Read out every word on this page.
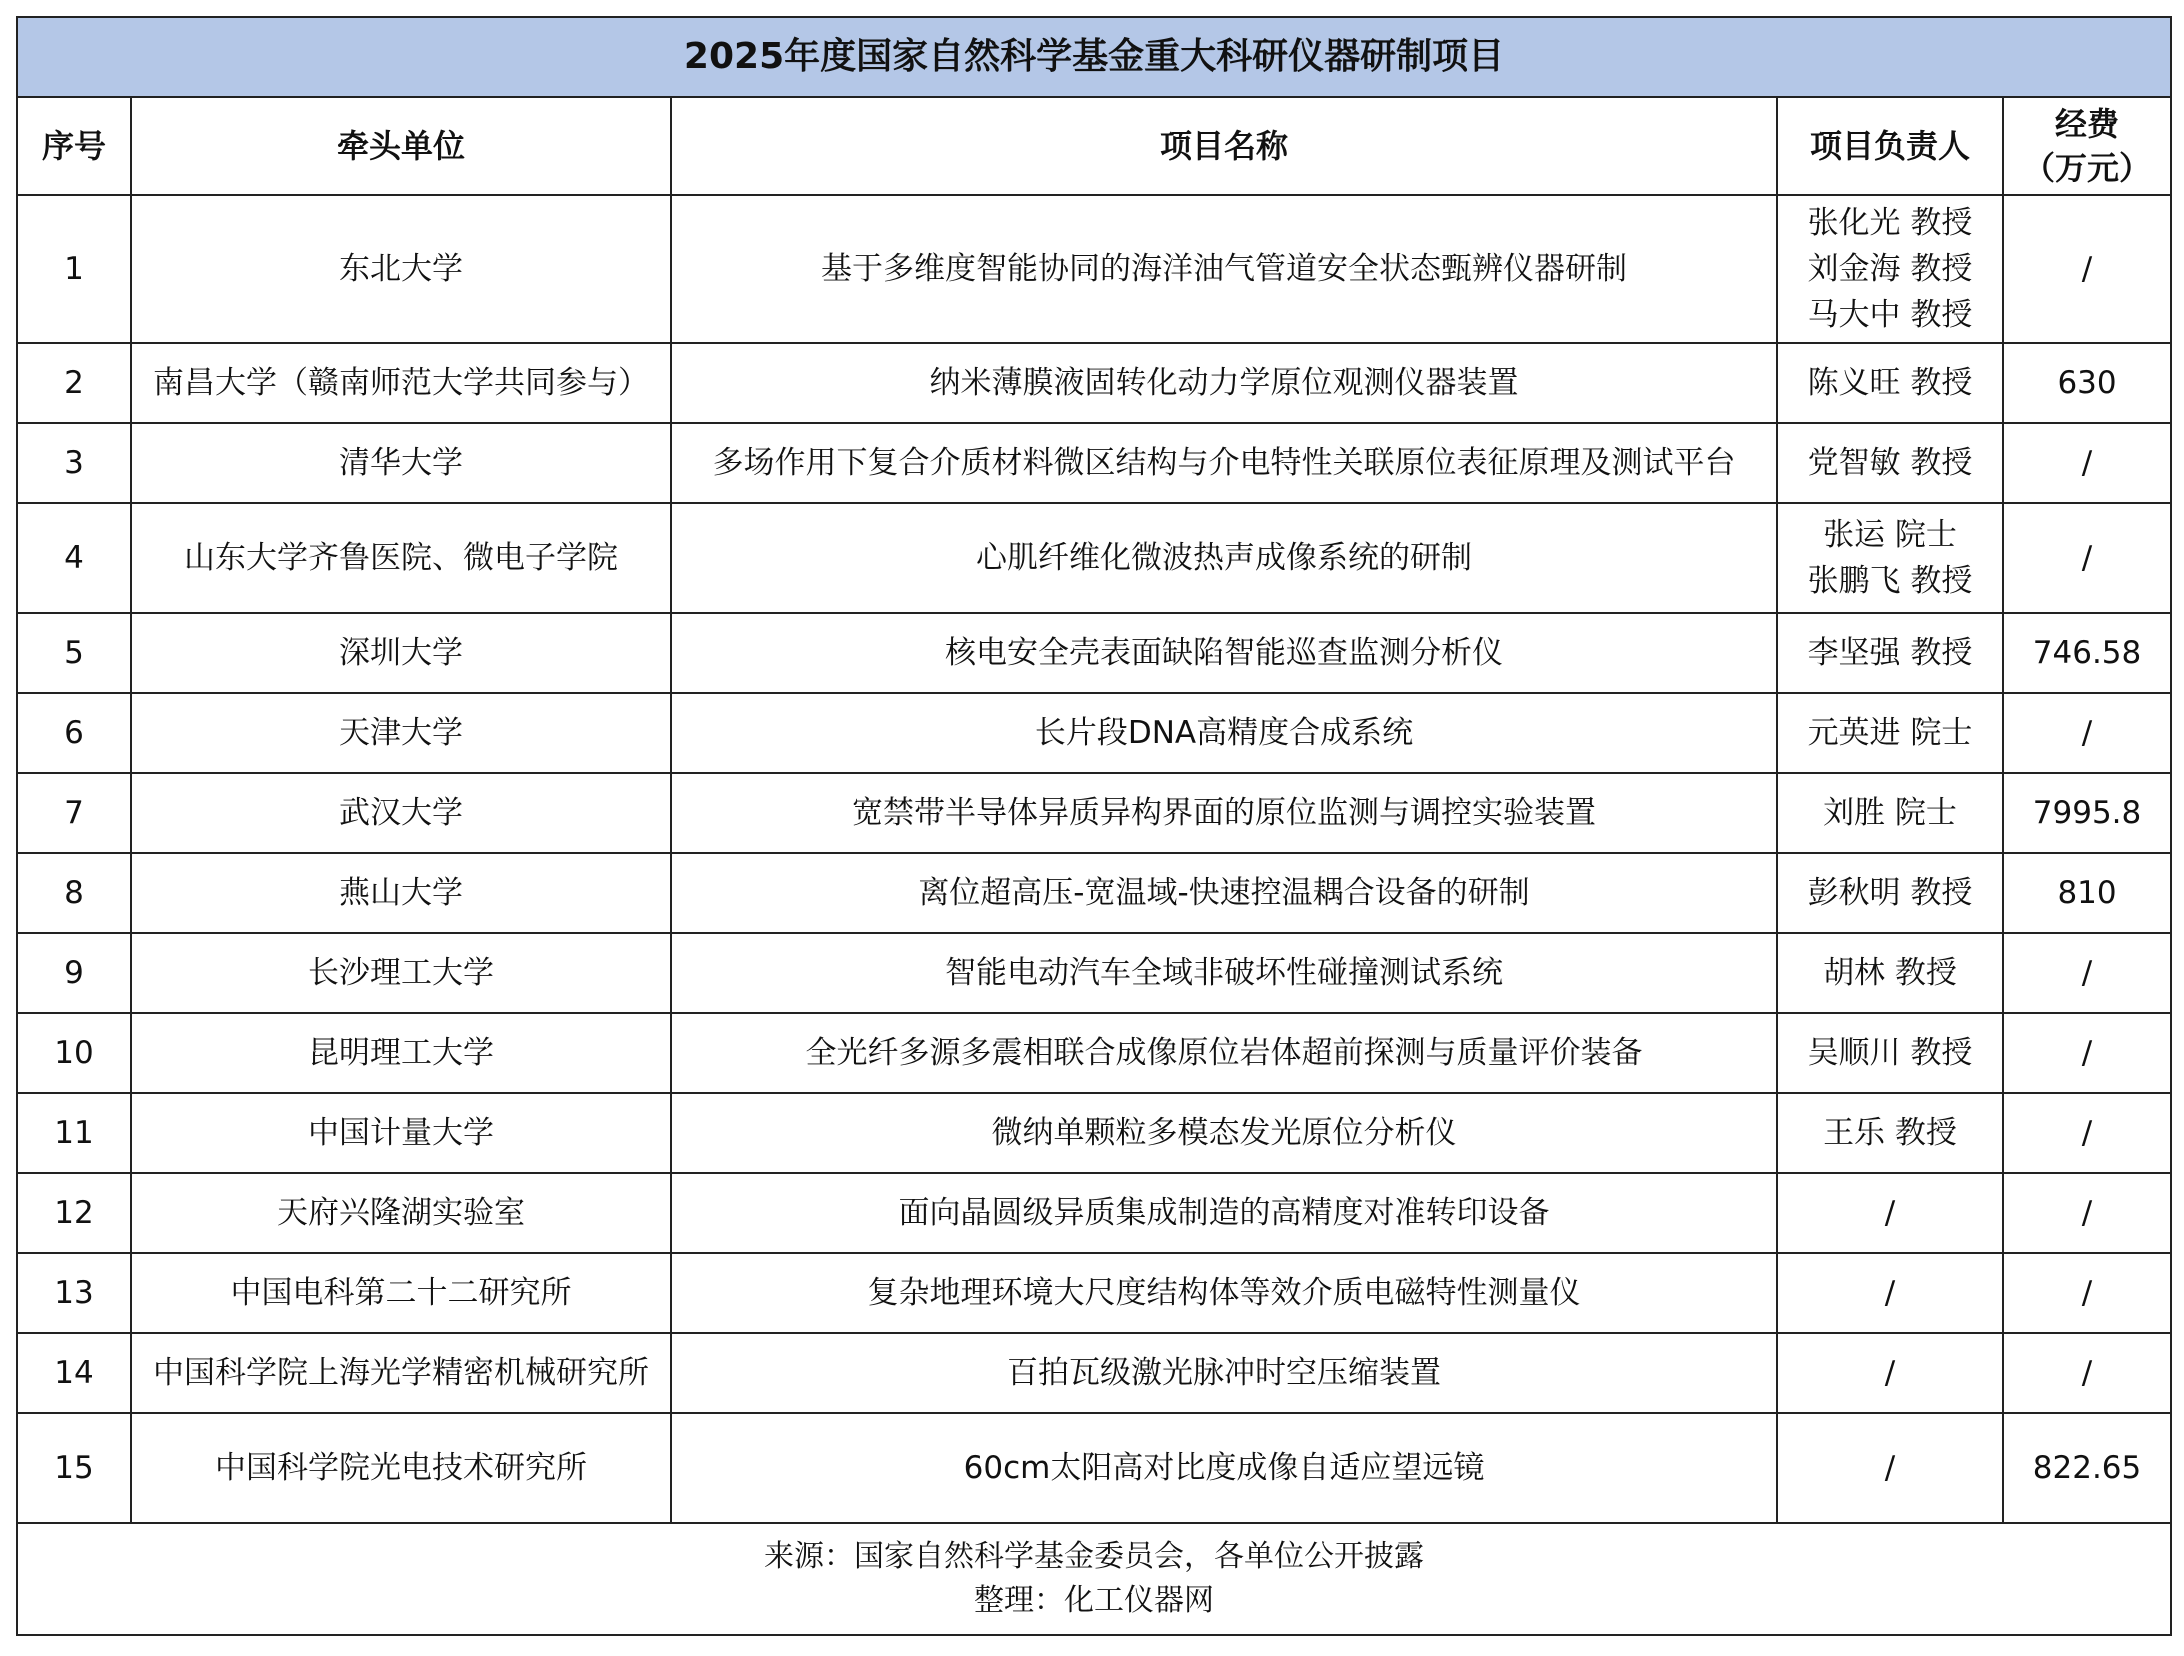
2025年度国家自然科学基金重大科研仪器研制项目				
序号	牵头单位	项目名称	项目负责人	经费
（万元）

1	东北大学	基于多维度智能协同的海洋油气管道安全状态甄辨仪器研制	张化光 教授
刘金海 教授
马大中 教授	/
2	南昌大学（赣南师范大学共同参与）	纳米薄膜液固转化动力学原位观测仪器装置	陈义旺 教授	630
3	清华大学	多场作用下复合介质材料微区结构与介电特性关联原位表征原理及测试平台	党智敏 教授	/
4	山东大学齐鲁医院、微电子学院	心肌纤维化微波热声成像系统的研制	张运 院士
张鹏飞 教授	/
5	深圳大学	核电安全壳表面缺陷智能巡查监测分析仪	李坚强 教授	746.58
6	天津大学	长片段DNA高精度合成系统	元英进 院士	/
7	武汉大学	宽禁带半导体异质异构界面的原位监测与调控实验装置	刘胜 院士	7995.8
8	燕山大学	离位超高压-宽温域-快速控温耦合设备的研制	彭秋明 教授	810
9	长沙理工大学	智能电动汽车全域非破坏性碰撞测试系统	胡林 教授	/
10	昆明理工大学	全光纤多源多震相联合成像原位岩体超前探测与质量评价装备	吴顺川 教授	/
11	中国计量大学	微纳单颗粒多模态发光原位分析仪	王乐 教授	/
12	天府兴隆湖实验室	面向晶圆级异质集成制造的高精度对准转印设备	/	/
13	中国电科第二十二研究所	复杂地理环境大尺度结构体等效介质电磁特性测量仪	/	/
14	中国科学院上海光学精密机械研究所	百拍瓦级激光脉冲时空压缩装置	/	/
15	中国科学院光电技术研究所	60cm太阳高对比度成像自适应望远镜	/	822.65

来源：国家自然科学基金委员会，各单位公开披露
整理：化工仪器网				
